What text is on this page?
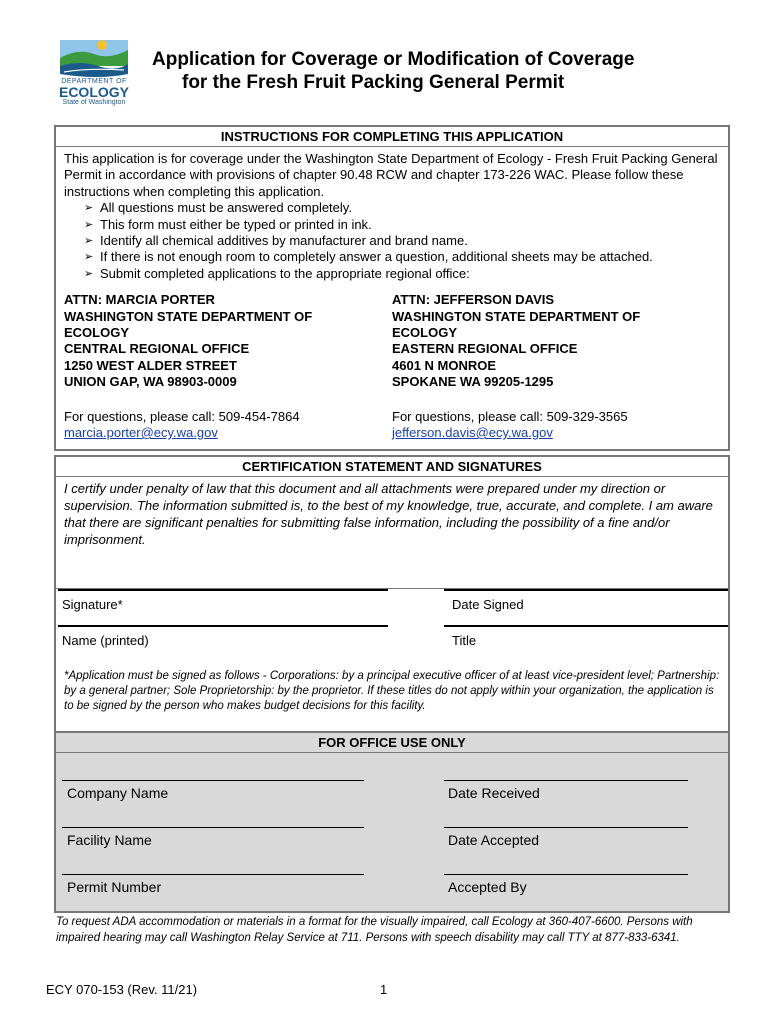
DEPARTMENT OF
ECOLOGY
State of Washington
Application for Coverage or Modification of Coverage
for the Fresh Fruit Packing General Permit
INSTRUCTIONS FOR COMPLETING THIS APPLICATION
This application is for coverage under the Washington State Department of Ecology - Fresh Fruit Packing General Permit in accordance with provisions of chapter 90.48 RCW and chapter 173-226 WAC. Please follow these instructions when completing this application.
➢ All questions must be answered completely.
➢ This form must either be typed or printed in ink.
➢ Identify all chemical additives by manufacturer and brand name.
➢ If there is not enough room to completely answer a question, additional sheets may be attached.
➢ Submit completed applications to the appropriate regional office:
ATTN: MARCIA PORTER
WASHINGTON STATE DEPARTMENT OF
ECOLOGY
CENTRAL REGIONAL OFFICE
1250 WEST ALDER STREET
UNION GAP, WA 98903-0009
For questions, please call: 509-454-7864
marcia.porter@ecy.wa.gov
ATTN: JEFFERSON DAVIS
WASHINGTON STATE DEPARTMENT OF
ECOLOGY
EASTERN REGIONAL OFFICE
4601 N MONROE
SPOKANE WA 99205-1295
For questions, please call: 509-329-3565
jefferson.davis@ecy.wa.gov
CERTIFICATION STATEMENT AND SIGNATURES
I certify under penalty of law that this document and all attachments were prepared under my direction or supervision. The information submitted is, to the best of my knowledge, true, accurate, and complete. I am aware that there are significant penalties for submitting false information, including the possibility of a fine and/or imprisonment.
Signature*	Date Signed
Name (printed)	Title
*Application must be signed as follows - Corporations: by a principal executive officer of at least vice-president level; Partnership: by a general partner; Sole Proprietorship: by the proprietor. If these titles do not apply within your organization, the application is to be signed by the person who makes budget decisions for this facility.
FOR OFFICE USE ONLY
Company Name	Date Received
Facility Name	Date Accepted
Permit Number	Accepted By
To request ADA accommodation or materials in a format for the visually impaired, call Ecology at 360-407-6600. Persons with impaired hearing may call Washington Relay Service at 711. Persons with speech disability may call TTY at 877-833-6341.
ECY 070-153 (Rev. 11/21)	1
